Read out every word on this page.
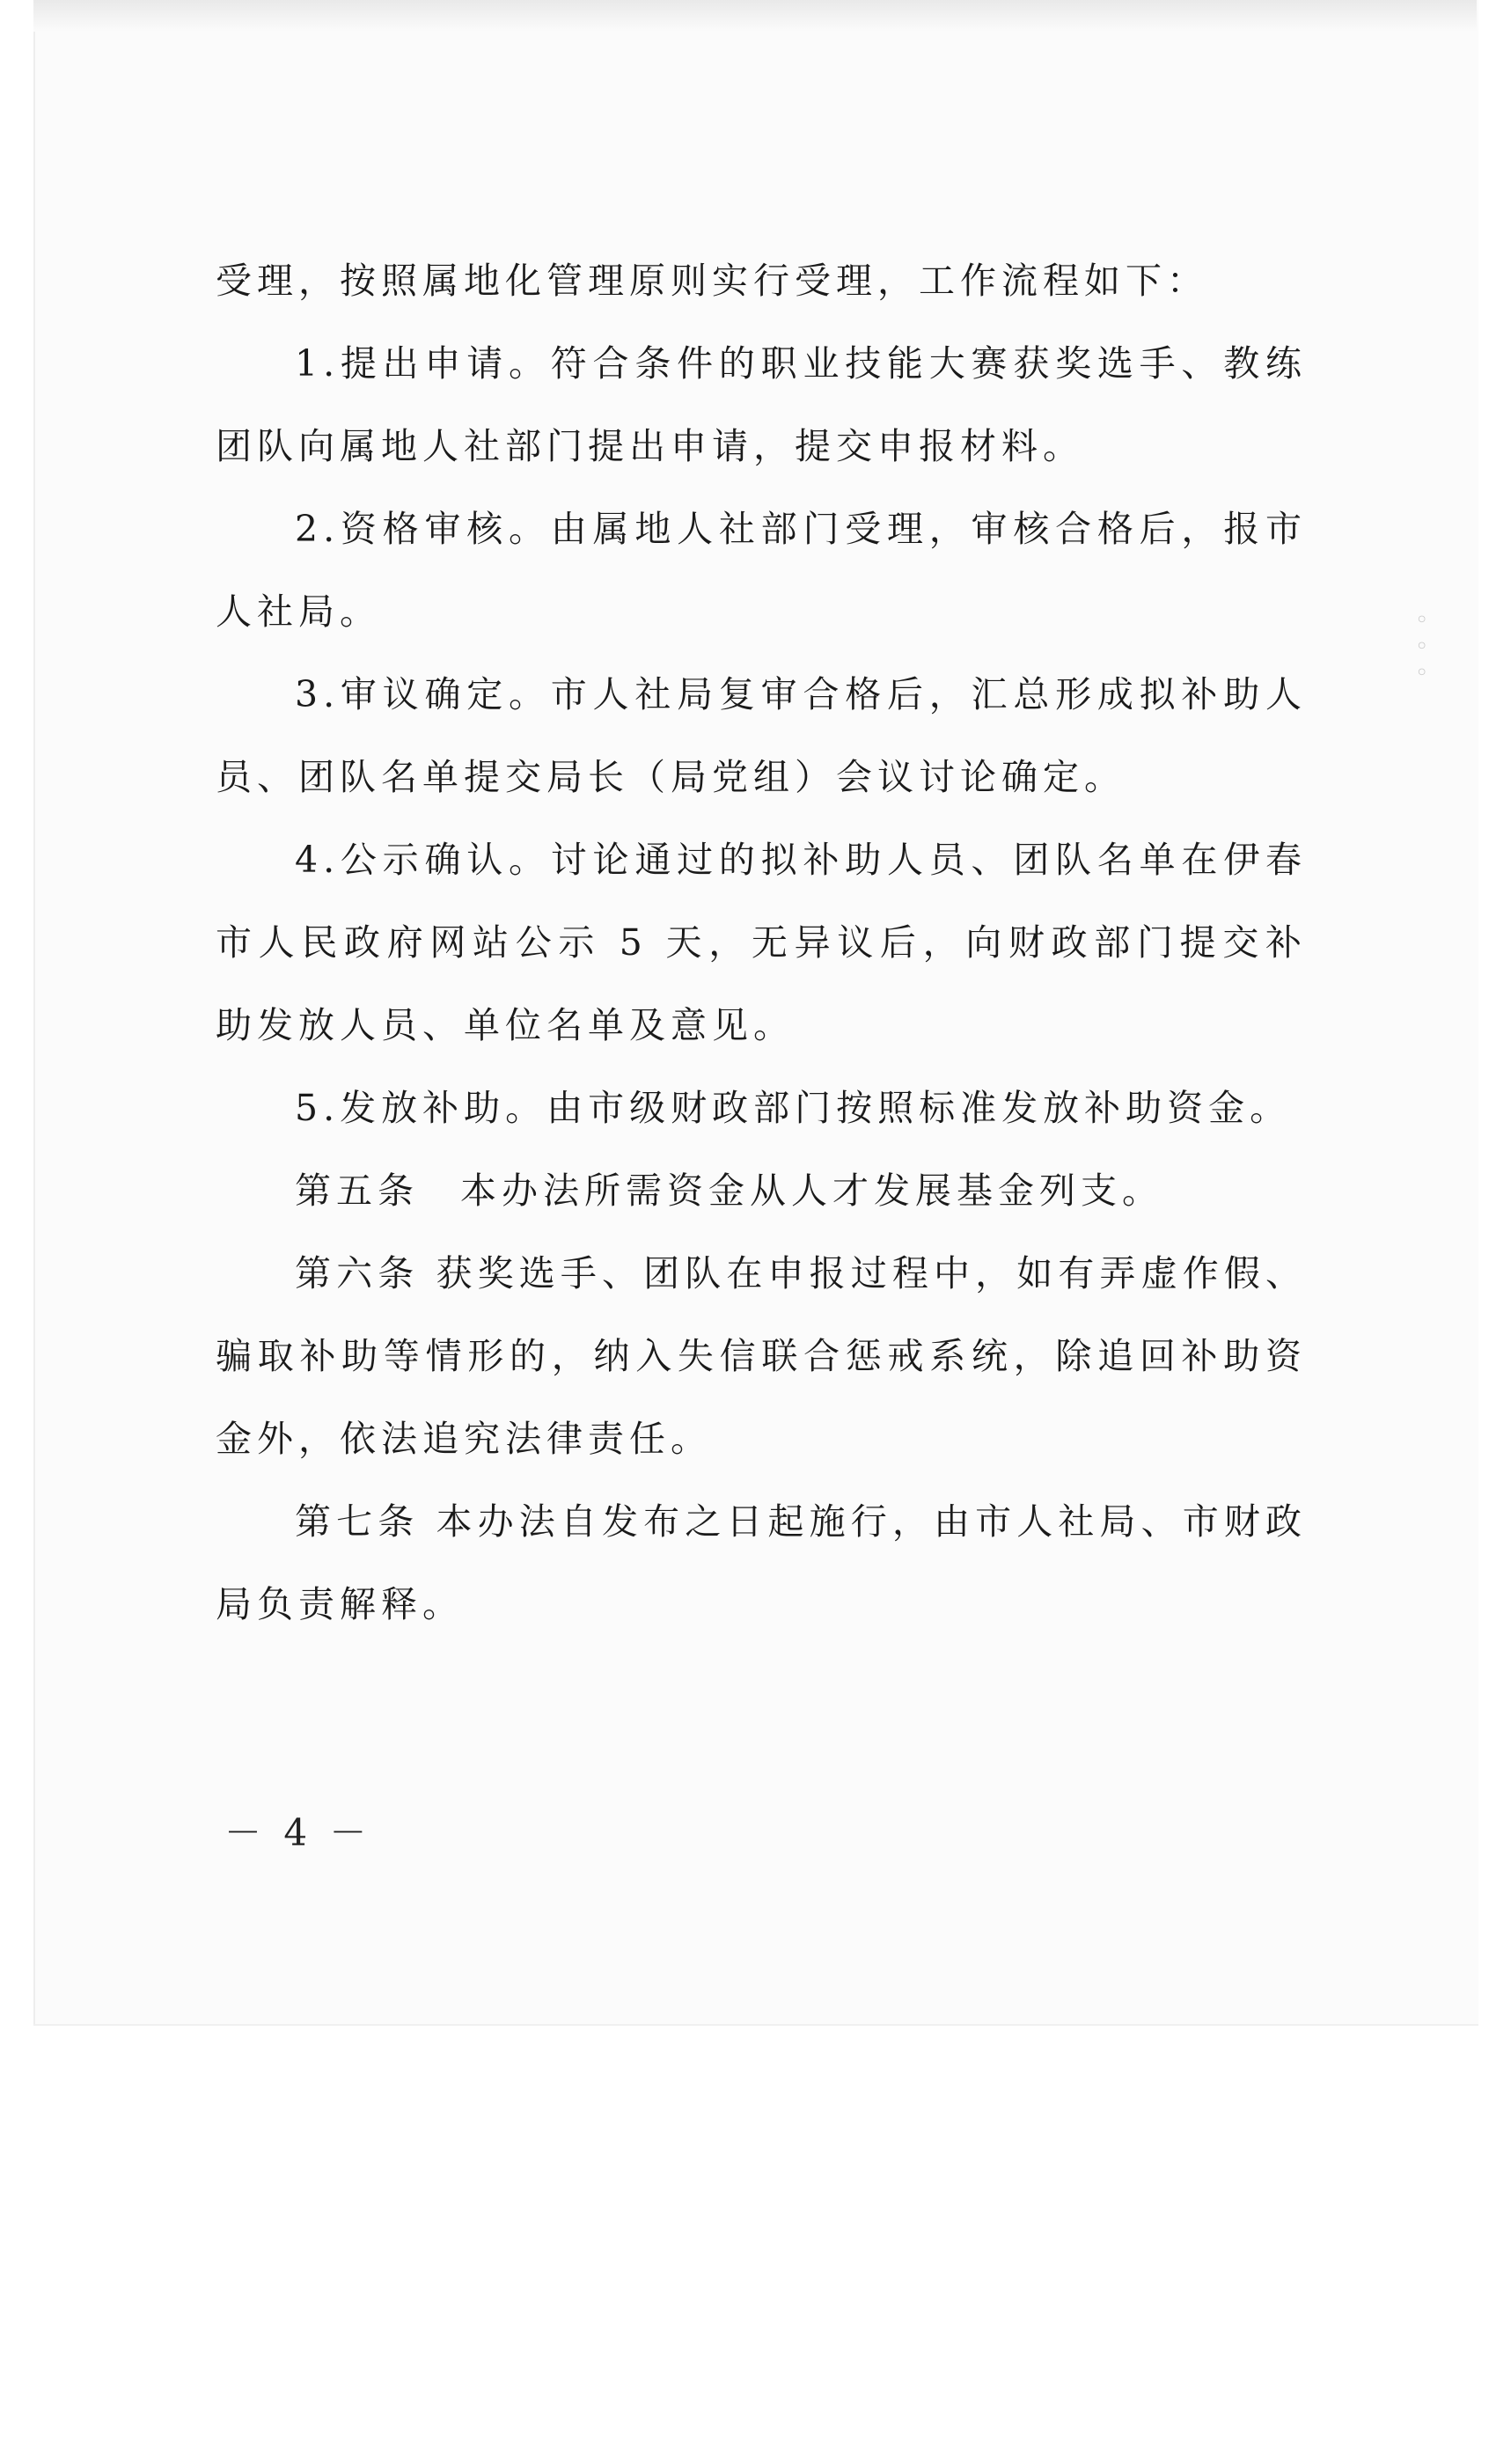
◦
◦
◦

受理，按照属地化管理原则实行受理，工作流程如下：

1.提出申请。符合条件的职业技能大赛获奖选手、教练团队向属地人社部门提出申请，提交申报材料。

2.资格审核。由属地人社部门受理，审核合格后，报市人社局。

3.审议确定。市人社局复审合格后，汇总形成拟补助人员、团队名单提交局长（局党组）会议讨论确定。

4.公示确认。讨论通过的拟补助人员、团队名单在伊春市人民政府网站公示 5 天，无异议后，向财政部门提交补助发放人员、单位名单及意见。

5.发放补助。由市级财政部门按照标准发放补助资金。

第五条　本办法所需资金从人才发展基金列支。

第六条 获奖选手、团队在申报过程中，如有弄虚作假、骗取补助等情形的，纳入失信联合惩戒系统，除追回补助资金外，依法追究法律责任。

第七条 本办法自发布之日起施行，由市人社局、市财政局负责解释。

－ 4 －
